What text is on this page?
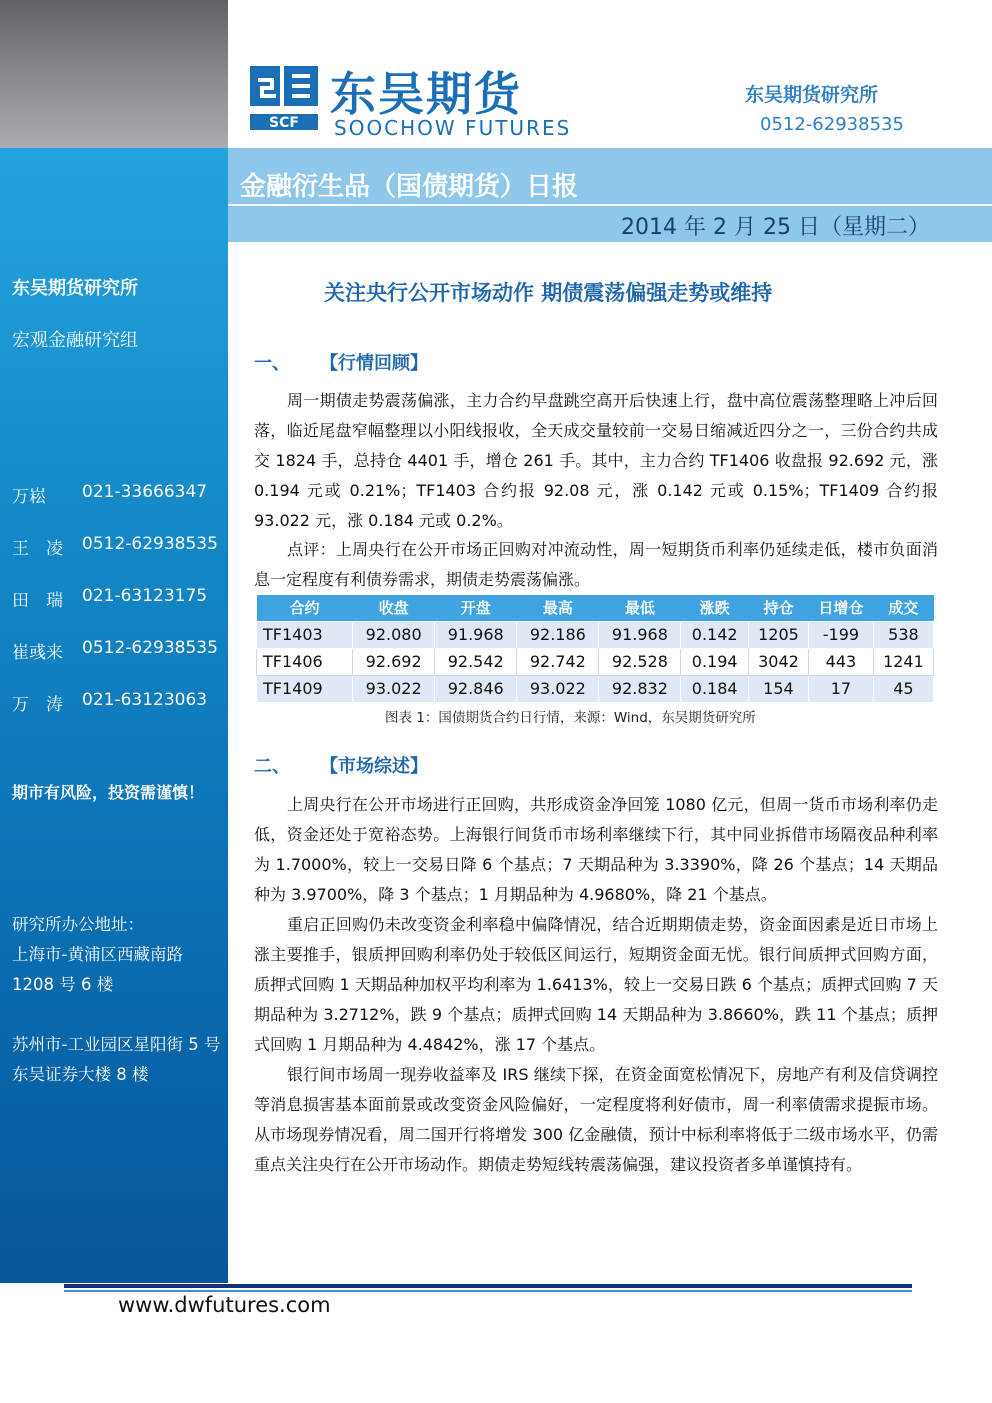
东吴期货研究所
宏观金融研究组
万崧	021-33666347
王　凌	0512-62938535
田　瑞	021-63123175
崔彧来	0512-62938535
万　涛	021-63123063
期市有风险，投资需谨慎！
研究所办公地址：
上海市-黄浦区西藏南路 1208 号 6 楼
苏州市-工业园区星阳街 5 号东吴证券大楼 8 楼
SCF
东吴期货
SOOCHOW FUTURES
东吴期货研究所
0512-62938535
金融衍生品（国债期货）日报
2014 年 2 月 25 日（星期二）
关注央行公开市场动作 期债震荡偏强走势或维持
一、	【行情回顾】
周一期债走势震荡偏涨，主力合约早盘跳空高开后快速上行，盘中高位震荡整理略上冲后回落，临近尾盘窄幅整理以小阳线报收，全天成交量较前一交易日缩减近四分之一，三份合约共成交 1824 手，总持仓 4401 手，增仓 261 手。其中，主力合约 TF1406 收盘报 92.692 元，涨 0.194 元或 0.21%；TF1403 合约报 92.08 元，涨 0.142 元或 0.15%；TF1409 合约报 93.022 元，涨 0.184 元或 0.2%。
点评：上周央行在公开市场正回购对冲流动性，周一短期货币利率仍延续走低，楼市负面消息一定程度有利债券需求，期债走势震荡偏涨。
合约	收盘	开盘	最高	最低	涨跌	持仓	日增仓	成交
TF1403	92.080	91.968	92.186	91.968	0.142	1205	-199	538
TF1406	92.692	92.542	92.742	92.528	0.194	3042	443	1241
TF1409	93.022	92.846	93.022	92.832	0.184	154	17	45
图表 1：国债期货合约日行情，来源：Wind，东吴期货研究所
二、	【市场综述】
上周央行在公开市场进行正回购，共形成资金净回笼 1080 亿元，但周一货币市场利率仍走低，资金还处于宽裕态势。上海银行间货币市场利率继续下行，其中同业拆借市场隔夜品种利率为 1.7000%，较上一交易日降 6 个基点；7 天期品种为 3.3390%，降 26 个基点；14 天期品种为 3.9700%，降 3 个基点；1 月期品种为 4.9680%，降 21 个基点。
重启正回购仍未改变资金利率稳中偏降情况，结合近期期债走势，资金面因素是近日市场上涨主要推手，银质押回购利率仍处于较低区间运行，短期资金面无忧。银行间质押式回购方面，质押式回购 1 天期品种加权平均利率为 1.6413%，较上一交易日跌 6 个基点；质押式回购 7 天期品种为 3.2712%，跌 9 个基点；质押式回购 14 天期品种为 3.8660%，跌 11 个基点；质押式回购 1 月期品种为 4.4842%，涨 17 个基点。
银行间市场周一现券收益率及 IRS 继续下探，在资金面宽松情况下，房地产有利及信贷调控等消息损害基本面前景或改变资金风险偏好，一定程度将利好债市，周一利率债需求提振市场。从市场现券情况看，周二国开行将增发 300 亿金融债，预计中标利率将低于二级市场水平，仍需重点关注央行在公开市场动作。期债走势短线转震荡偏强，建议投资者多单谨慎持有。
www.dwfutures.com
